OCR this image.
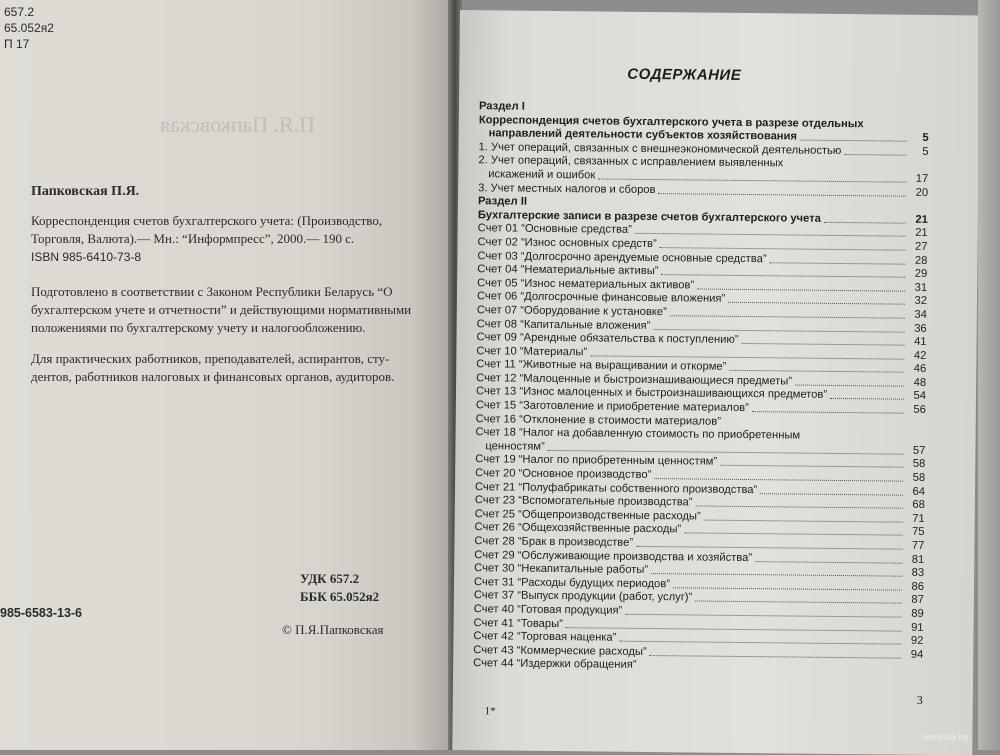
П.Я. Папковская
657.2
65.052я2
П 17
Папковская П.Я.
Корреспонденция счетов бухгалтерского учета: (Производство,
Торговля, Валюта).— Мн.: “Информпресс”, 2000.— 190 с.
ISBN 985-6410-73-8
Подготовлено в соответствии с Законом Республики Беларусь “О
бухгалтерском учете и отчетности” и действующими нормативными
положениями по бухгалтерскому учету и налогообложению.
Для практических работников, преподавателей, аспирантов, сту-
дентов, работников налоговых и финансовых органов, аудиторов.
УДК 657.2
ББК 65.052я2
985-6583-13-6
© П.Я.Папковская
СОДЕРЖАНИЕ
Раздел I
Корреспонденция счетов бухгалтерского учета в разрезе отдельных
направлений деятельности субъектов хозяйствования	5
1. Учет операций, связанных с внешнеэкономической деятельностью	5
2. Учет операций, связанных с исправлением выявленных
искажений и ошибок	17
3. Учет местных налогов и сборов	20
Раздел II
Бухгалтерские записи в разрезе счетов бухгалтерского учета	21
Счет 01 “Основные средства”	21
Счет 02 “Износ основных средств”	27
Счет 03 “Долгосрочно арендуемые основные средства”	28
Счет 04 “Нематериальные активы”	29
Счет 05 “Износ нематериальных активов”	31
Счет 06 “Долгосрочные финансовые вложения”	32
Счет 07 “Оборудование к установке”	34
Счет 08 “Капитальные вложения”	36
Счет 09 “Арендные обязательства к поступлению”	41
Счет 10 “Материалы”	42
Счет 11 “Животные на выращивании и откорме”	46
Счет 12 “Малоценные и быстроизнашивающиеся предметы”	48
Счет 13 “Износ малоценных и быстроизнашивающихся предметов”	54
Счет 15 “Заготовление и приобретение материалов”	56
Счет 16 “Отклонение в стоимости материалов”
Счет 18 “Налог на добавленную стоимость по приобретенным
ценностям”	57
Счет 19 “Налог по приобретенным ценностям”	58
Счет 20 “Основное производство”	58
Счет 21 “Полуфабрикаты собственного производства”	64
Счет 23 “Вспомогательные производства”	68
Счет 25 “Общепроизводственные расходы”	71
Счет 26 “Общехозяйственные расходы”	75
Счет 28 “Брак в производстве”	77
Счет 29 “Обслуживающие производства и хозяйства”	81
Счет 30 “Некапитальные работы”	83
Счет 31 “Расходы будущих периодов”	86
Счет 37 “Выпуск продукции (работ, услуг)”	87
Счет 40 “Готовая продукция”	89
Счет 41 “Товары”	91
Счет 42 “Торговая наценка”	92
Счет 43 “Коммерческие расходы”	94
Счет 44 “Издержки обращения”
3
1*
www.ay.by
